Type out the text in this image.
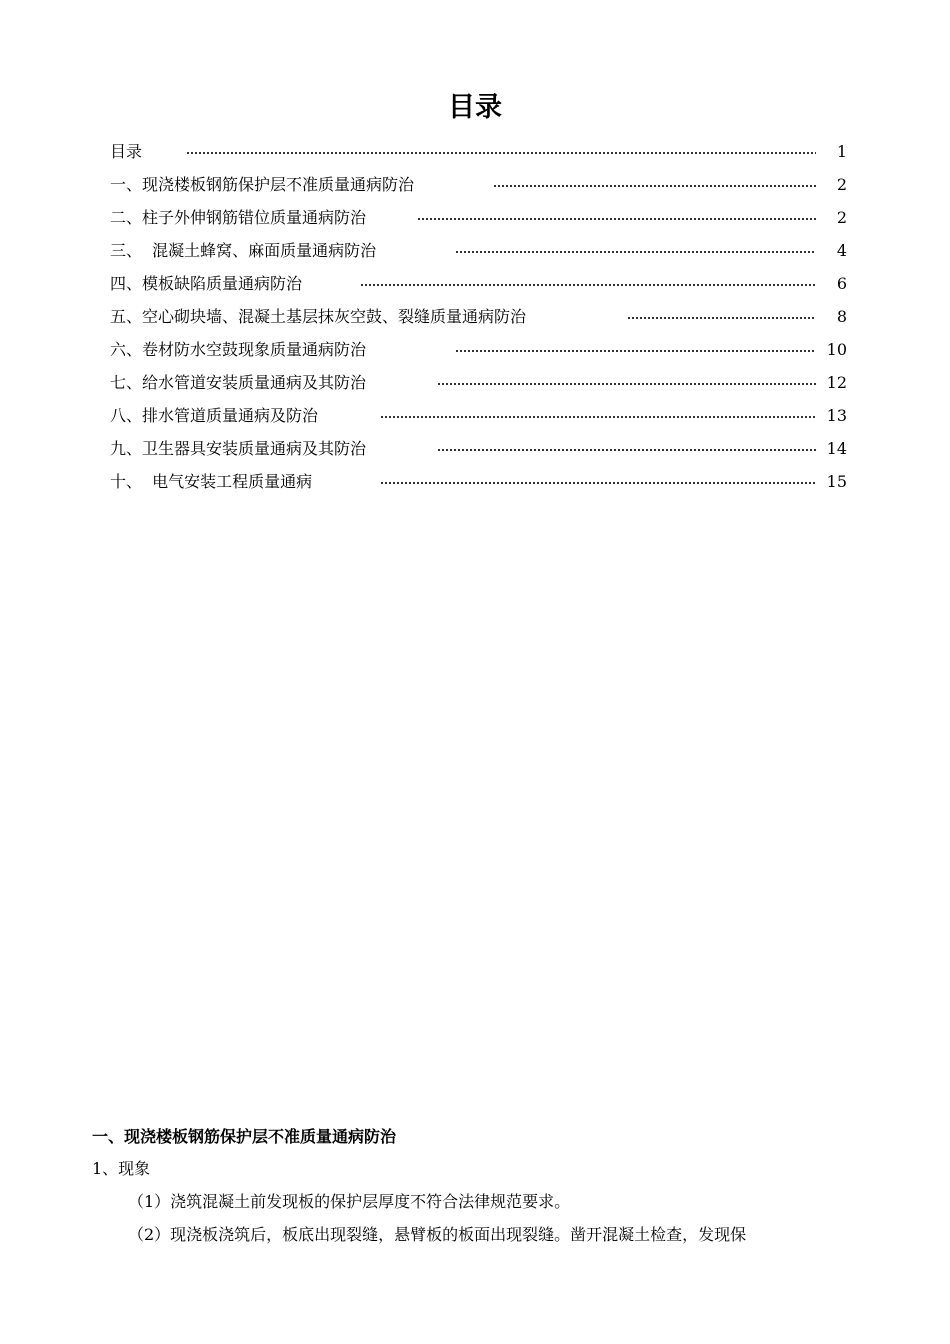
目录
目录	1
一、现浇楼板钢筋保护层不准质量通病防治	2
二、柱子外伸钢筋错位质量通病防治	2
三、  混凝土蜂窝、麻面质量通病防治	4
四、模板缺陷质量通病防治	6
五、空心砌块墙、混凝土基层抹灰空鼓、裂缝质量通病防治	8
六、卷材防水空鼓现象质量通病防治	10
七、给水管道安装质量通病及其防治	12
八、排水管道质量通病及防治	13
九、卫生器具安装质量通病及其防治	14
十、  电气安装工程质量通病	15
一、现浇楼板钢筋保护层不准质量通病防治
1、现象
（1）浇筑混凝土前发现板的保护层厚度不符合法律规范要求。
（2）现浇板浇筑后，板底出现裂缝，悬臂板的板面出现裂缝。凿开混凝土检查，发现保
